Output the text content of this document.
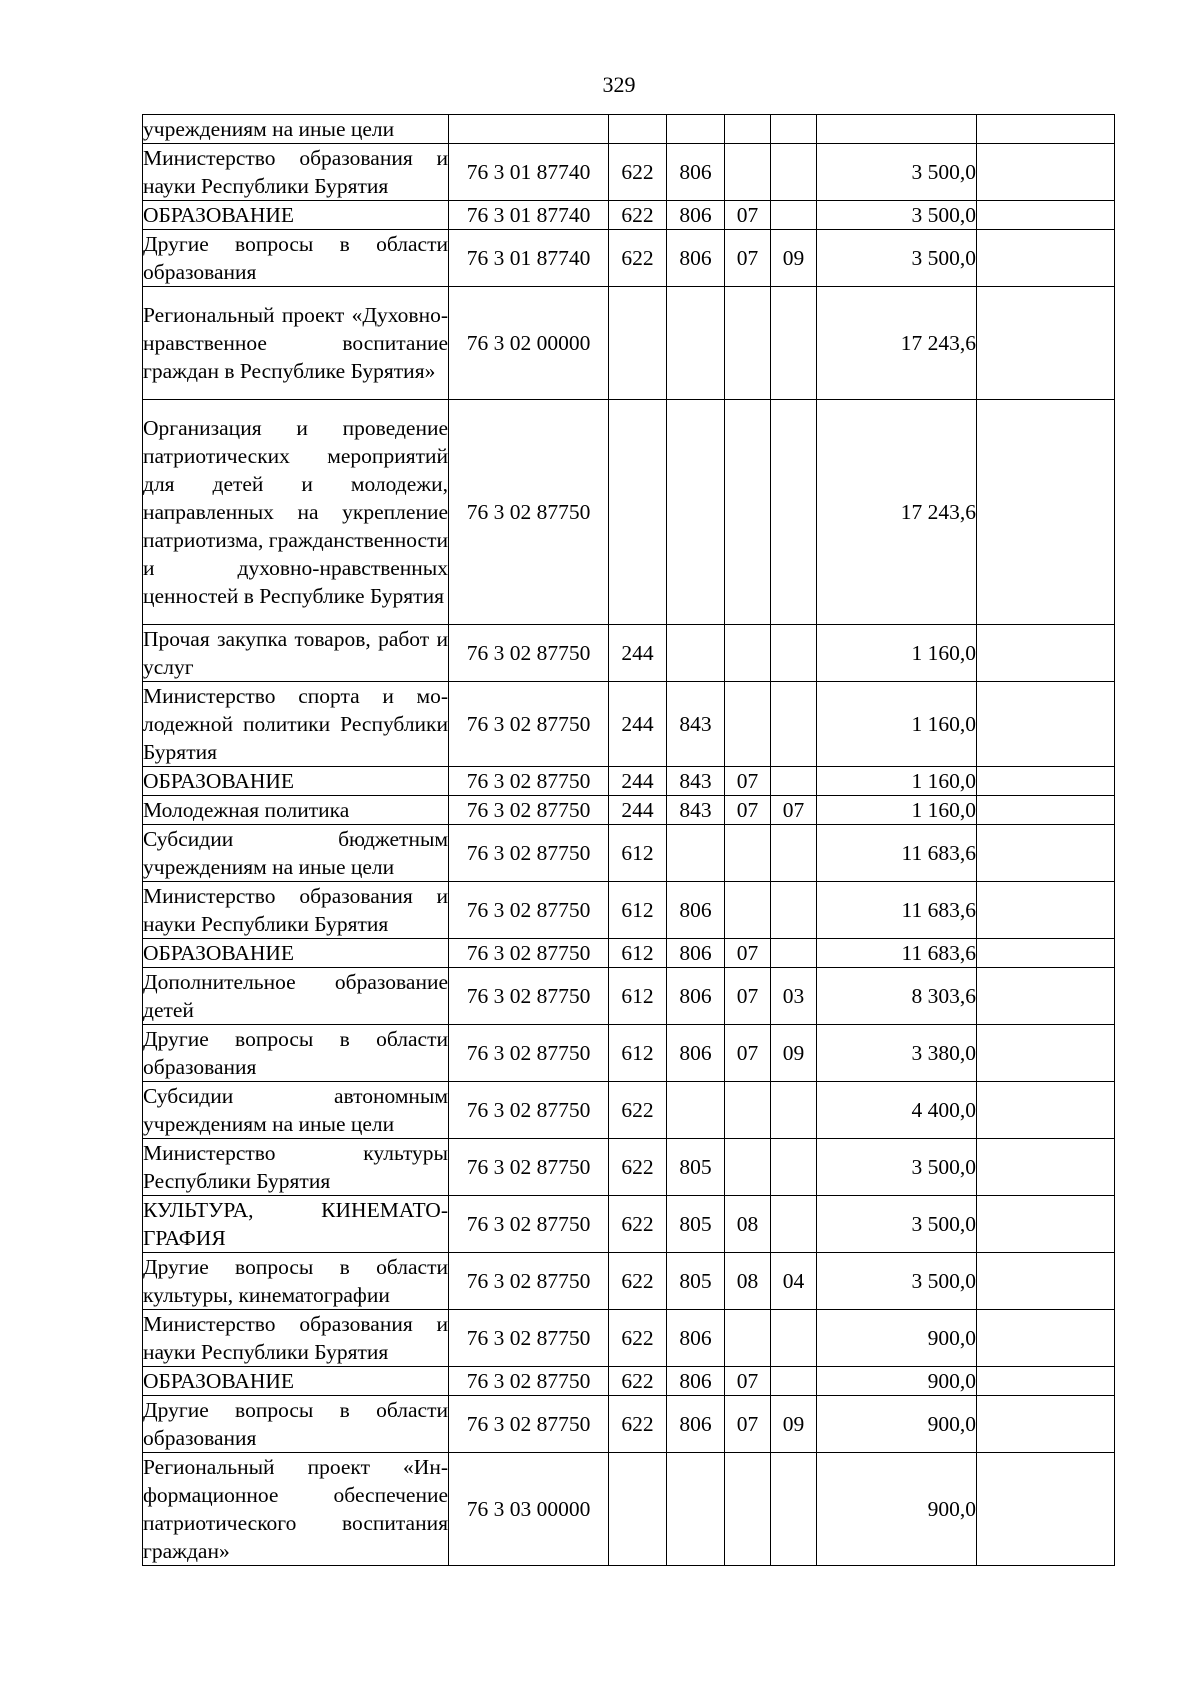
329
учреждениям на иные цели							
Министерство образования и науки Республики Бурятия	76 3 01 87740	622	806			3 500,0	
ОБРАЗОВАНИЕ	76 3 01 87740	622	806	07		3 500,0	
Другие вопросы в области образования	76 3 01 87740	622	806	07	09	3 500,0	
Региональный проект «Духовно-нравственное воспитание граждан в Республике Бурятия»	76 3 02 00000					17 243,6	
Организация и проведение патриотических мероприятий для детей и молодежи, направленных на укрепление патриотизма, гражданственности и духовно-нравственных ценностей в Республике Бурятия	76 3 02 87750					17 243,6	
Прочая закупка товаров, работ и услуг	76 3 02 87750	244				1 160,0	
Министерство спорта и молодежной политики Республики Бурятия	76 3 02 87750	244	843			1 160,0	
ОБРАЗОВАНИЕ	76 3 02 87750	244	843	07		1 160,0	
Молодежная политика	76 3 02 87750	244	843	07	07	1 160,0	
Субсидии бюджетным учреждениям на иные цели	76 3 02 87750	612				11 683,6	
Министерство образования и науки Республики Бурятия	76 3 02 87750	612	806			11 683,6	
ОБРАЗОВАНИЕ	76 3 02 87750	612	806	07		11 683,6	
Дополнительное образование детей	76 3 02 87750	612	806	07	03	8 303,6	
Другие вопросы в области образования	76 3 02 87750	612	806	07	09	3 380,0	
Субсидии автономным учреждениям на иные цели	76 3 02 87750	622				4 400,0	
Министерство культуры Республики Бурятия	76 3 02 87750	622	805			3 500,0	
КУЛЬТУРА, КИНЕМАТОГРАФИЯ	76 3 02 87750	622	805	08		3 500,0	
Другие вопросы в области культуры, кинематографии	76 3 02 87750	622	805	08	04	3 500,0	
Министерство образования и науки Республики Бурятия	76 3 02 87750	622	806			900,0	
ОБРАЗОВАНИЕ	76 3 02 87750	622	806	07		900,0	
Другие вопросы в области образования	76 3 02 87750	622	806	07	09	900,0	
Региональный проект «Информационное обеспечение патриотического воспитания граждан»	76 3 03 00000					900,0	
